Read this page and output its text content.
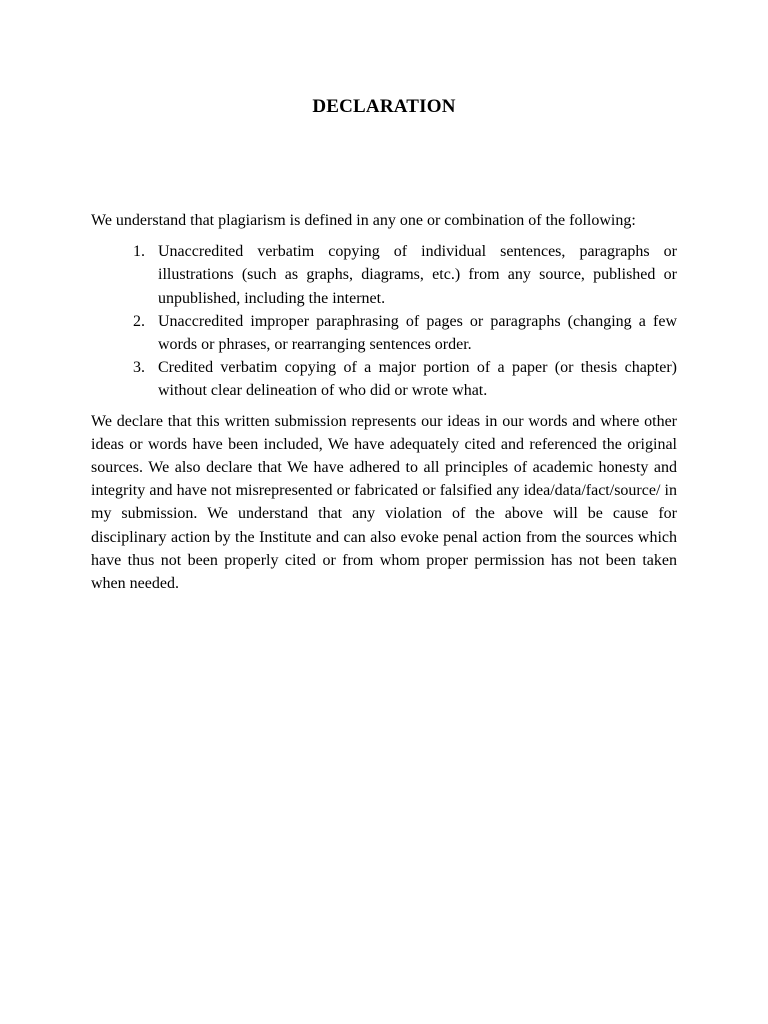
DECLARATION

We understand that plagiarism is defined in any one or combination of the following:

1. Unaccredited verbatim copying of individual sentences, paragraphs or illustrations (such as graphs, diagrams, etc.) from any source, published or unpublished, including the internet.
2. Unaccredited improper paraphrasing of pages or paragraphs (changing a few words or phrases, or rearranging sentences order.
3. Credited verbatim copying of a major portion of a paper (or thesis chapter) without clear delineation of who did or wrote what.

We declare that this written submission represents our ideas in our words and where other ideas or words have been included, We have adequately cited and referenced the original sources. We also declare that We have adhered to all principles of academic honesty and integrity and have not misrepresented or fabricated or falsified any idea/data/fact/source/ in my submission. We understand that any violation of the above will be cause for disciplinary action by the Institute and can also evoke penal action from the sources which have thus not been properly cited or from whom proper permission has not been taken when needed.
